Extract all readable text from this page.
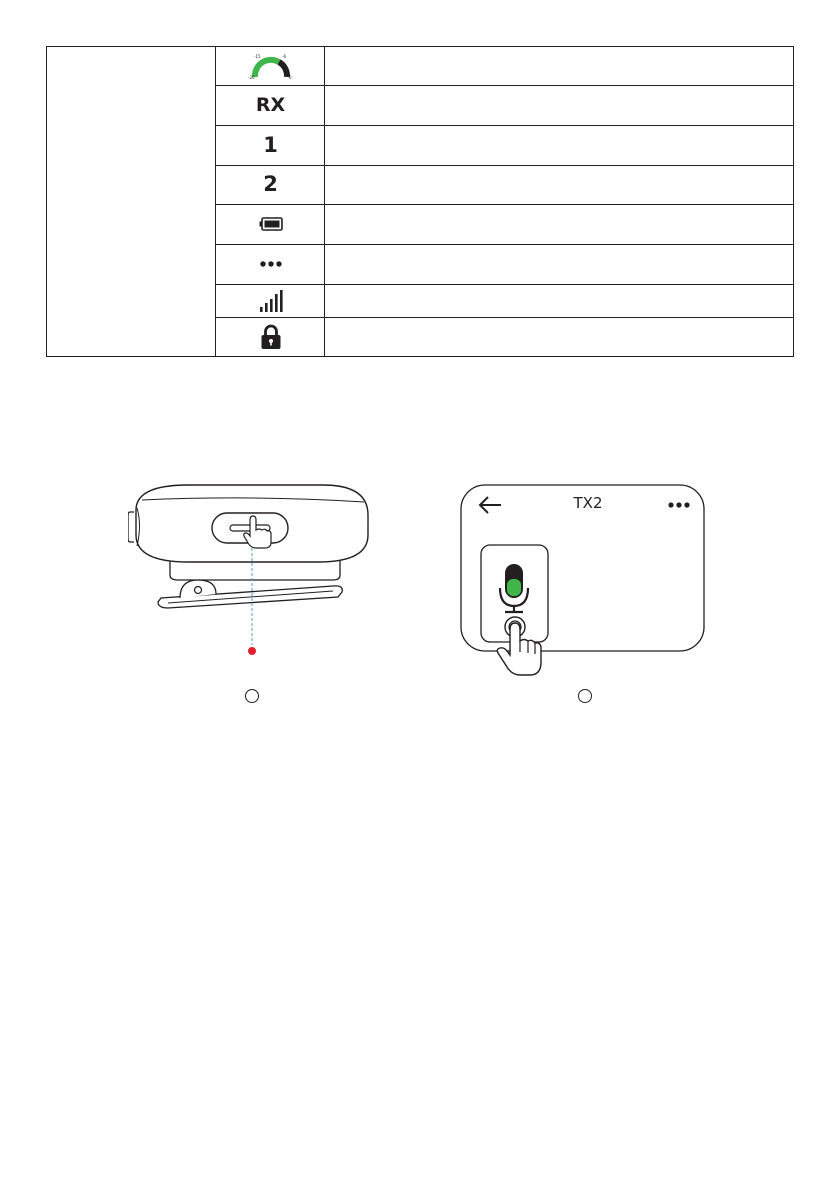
-20	0
-15	-6
RX
1
2
TX2
